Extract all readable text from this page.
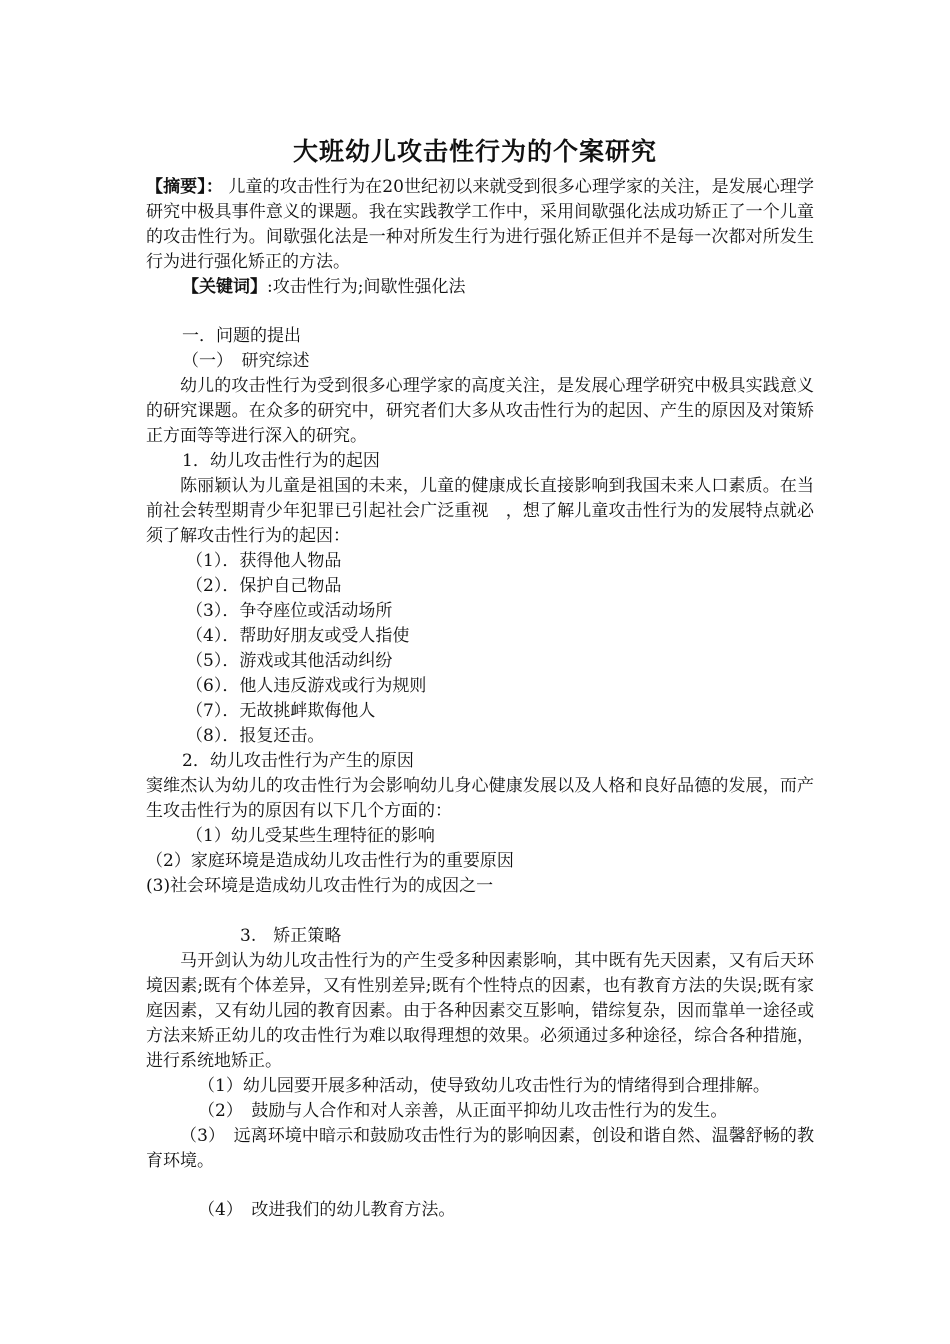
大班幼儿攻击性行为的个案研究

【摘要】： 儿童的攻击性行为在20世纪初以来就受到很多心理学家的关注，是发展心理学研究中极具事件意义的课题。我在实践教学工作中，采用间歇强化法成功矫正了一个儿童的攻击性行为。间歇强化法是一种对所发生行为进行强化矫正但并不是每一次都对所发生行为进行强化矫正的方法。

【关键词】:攻击性行为;间歇性强化法

一．问题的提出

（一）　研究综述

幼儿的攻击性行为受到很多心理学家的高度关注，是发展心理学研究中极具实践意义的研究课题。在众多的研究中，研究者们大多从攻击性行为的起因、产生的原因及对策矫正方面等等进行深入的研究。

1．幼儿攻击性行为的起因

陈丽颖认为儿童是祖国的未来，儿童的健康成长直接影响到我国未来人口素质。在当前社会转型期青少年犯罪已引起社会广泛重视　，想了解儿童攻击性行为的发展特点就必须了解攻击性行为的起因：

（1）．获得他人物品

（2）．保护自己物品

（3）．争夺座位或活动场所

（4）．帮助好朋友或受人指使

（5）．游戏或其他活动纠纷

（6）．他人违反游戏或行为规则

（7）．无故挑衅欺侮他人

（8）．报复还击。

2．幼儿攻击性行为产生的原因

窦维杰认为幼儿的攻击性行为会影响幼儿身心健康发展以及人格和良好品德的发展，而产生攻击性行为的原因有以下几个方面的：

（1）幼儿受某些生理特征的影响

（2）家庭环境是造成幼儿攻击性行为的重要原因

(3)社会环境是造成幼儿攻击性行为的成因之一

3.　矫正策略

马开剑认为幼儿攻击性行为的产生受多种因素影响，其中既有先天因素，又有后天环境因素;既有个体差异，又有性别差异;既有个性特点的因素，也有教育方法的失误;既有家庭因素，又有幼儿园的教育因素。由于各种因素交互影响，错综复杂，因而靠单一途径或方法来矫正幼儿的攻击性行为难以取得理想的效果。必须通过多种途径，综合各种措施，进行系统地矫正。

（1）幼儿园要开展多种活动，使导致幼儿攻击性行为的情绪得到合理排解。

（2）　鼓励与人合作和对人亲善，从正面平抑幼儿攻击性行为的发生。

（3）　远离环境中暗示和鼓励攻击性行为的影响因素，创设和谐自然、温馨舒畅的教育环境。

（4）　改进我们的幼儿教育方法。
